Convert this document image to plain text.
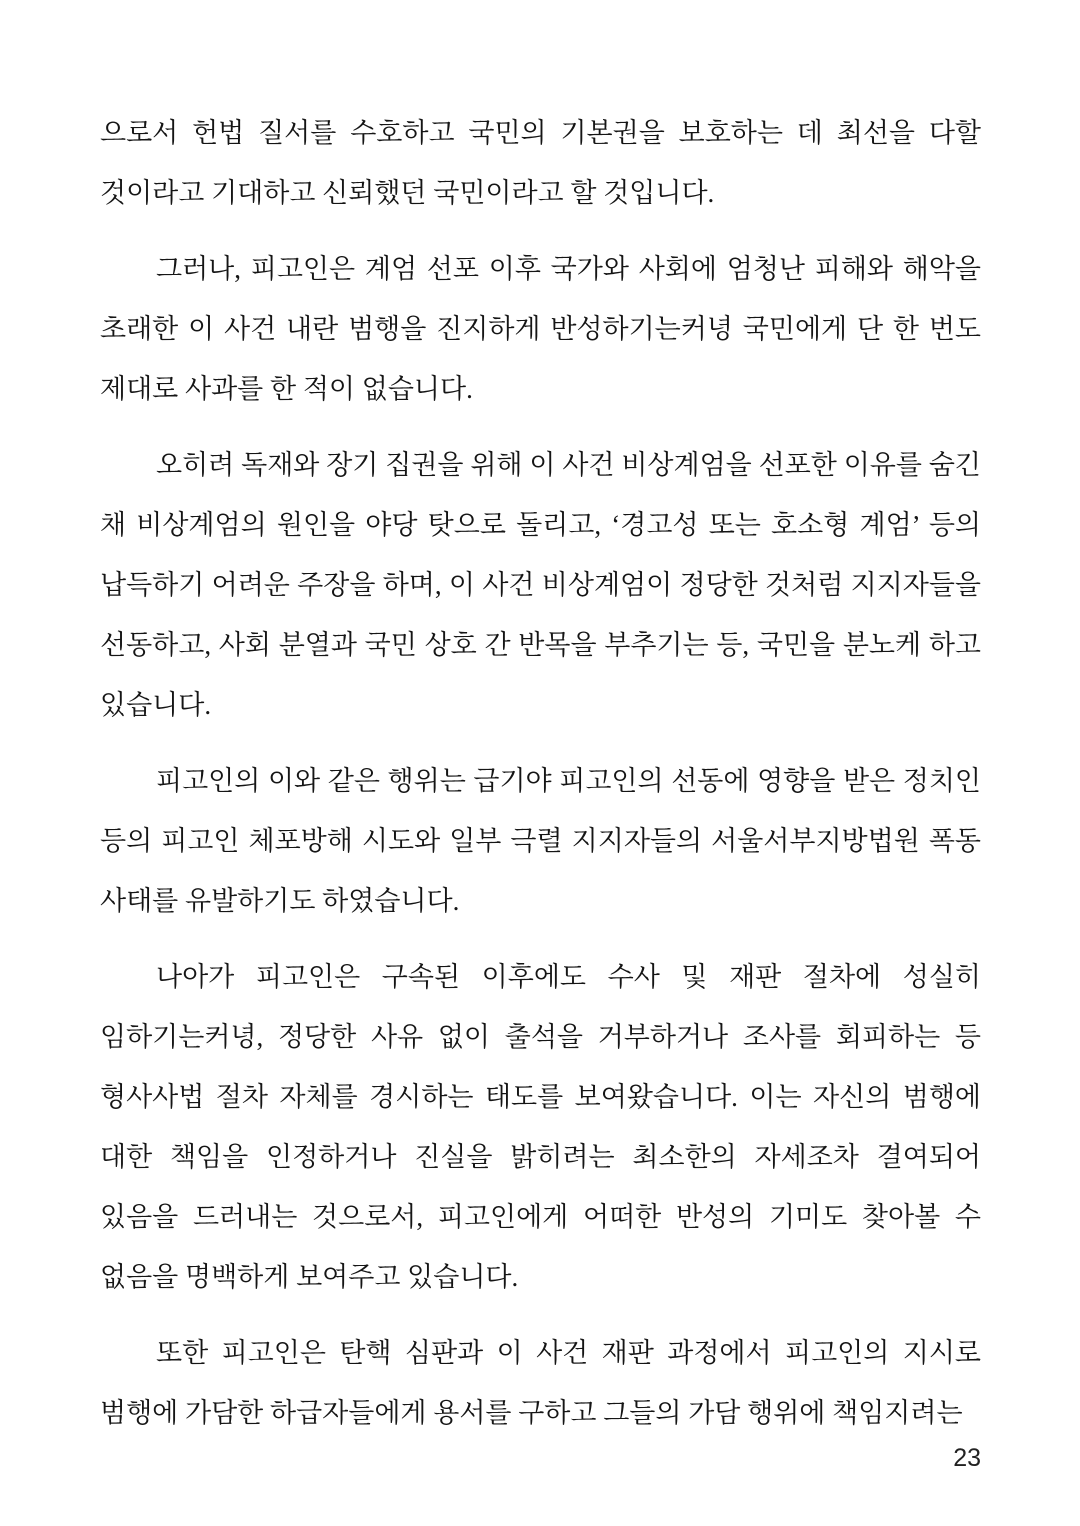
으로서 헌법 질서를 수호하고 국민의 기본권을 보호하는 데 최선을 다할
것이라고 기대하고 신뢰했던 국민이라고 할 것입니다.
그러나, 피고인은 계엄 선포 이후 국가와 사회에 엄청난 피해와 해악을
초래한 이 사건 내란 범행을 진지하게 반성하기는커녕 국민에게 단 한 번도
제대로 사과를 한 적이 없습니다.
오히려 독재와 장기 집권을 위해 이 사건 비상계엄을 선포한 이유를 숨긴
채 비상계엄의 원인을 야당 탓으로 돌리고, ‘경고성 또는 호소형 계엄’ 등의
납득하기 어려운 주장을 하며, 이 사건 비상계엄이 정당한 것처럼 지지자들을
선동하고, 사회 분열과 국민 상호 간 반목을 부추기는 등, 국민을 분노케 하고
있습니다.
피고인의 이와 같은 행위는 급기야 피고인의 선동에 영향을 받은 정치인
등의 피고인 체포방해 시도와 일부 극렬 지지자들의 서울서부지방법원 폭동
사태를 유발하기도 하였습니다.
나아가 피고인은 구속된 이후에도 수사 및 재판 절차에 성실히
임하기는커녕, 정당한 사유 없이 출석을 거부하거나 조사를 회피하는 등
형사사법 절차 자체를 경시하는 태도를 보여왔습니다. 이는 자신의 범행에
대한 책임을 인정하거나 진실을 밝히려는 최소한의 자세조차 결여되어
있음을 드러내는 것으로서, 피고인에게 어떠한 반성의 기미도 찾아볼 수
없음을 명백하게 보여주고 있습니다.
또한 피고인은 탄핵 심판과 이 사건 재판 과정에서 피고인의 지시로
범행에 가담한 하급자들에게 용서를 구하고 그들의 가담 행위에 책임지려는
23
